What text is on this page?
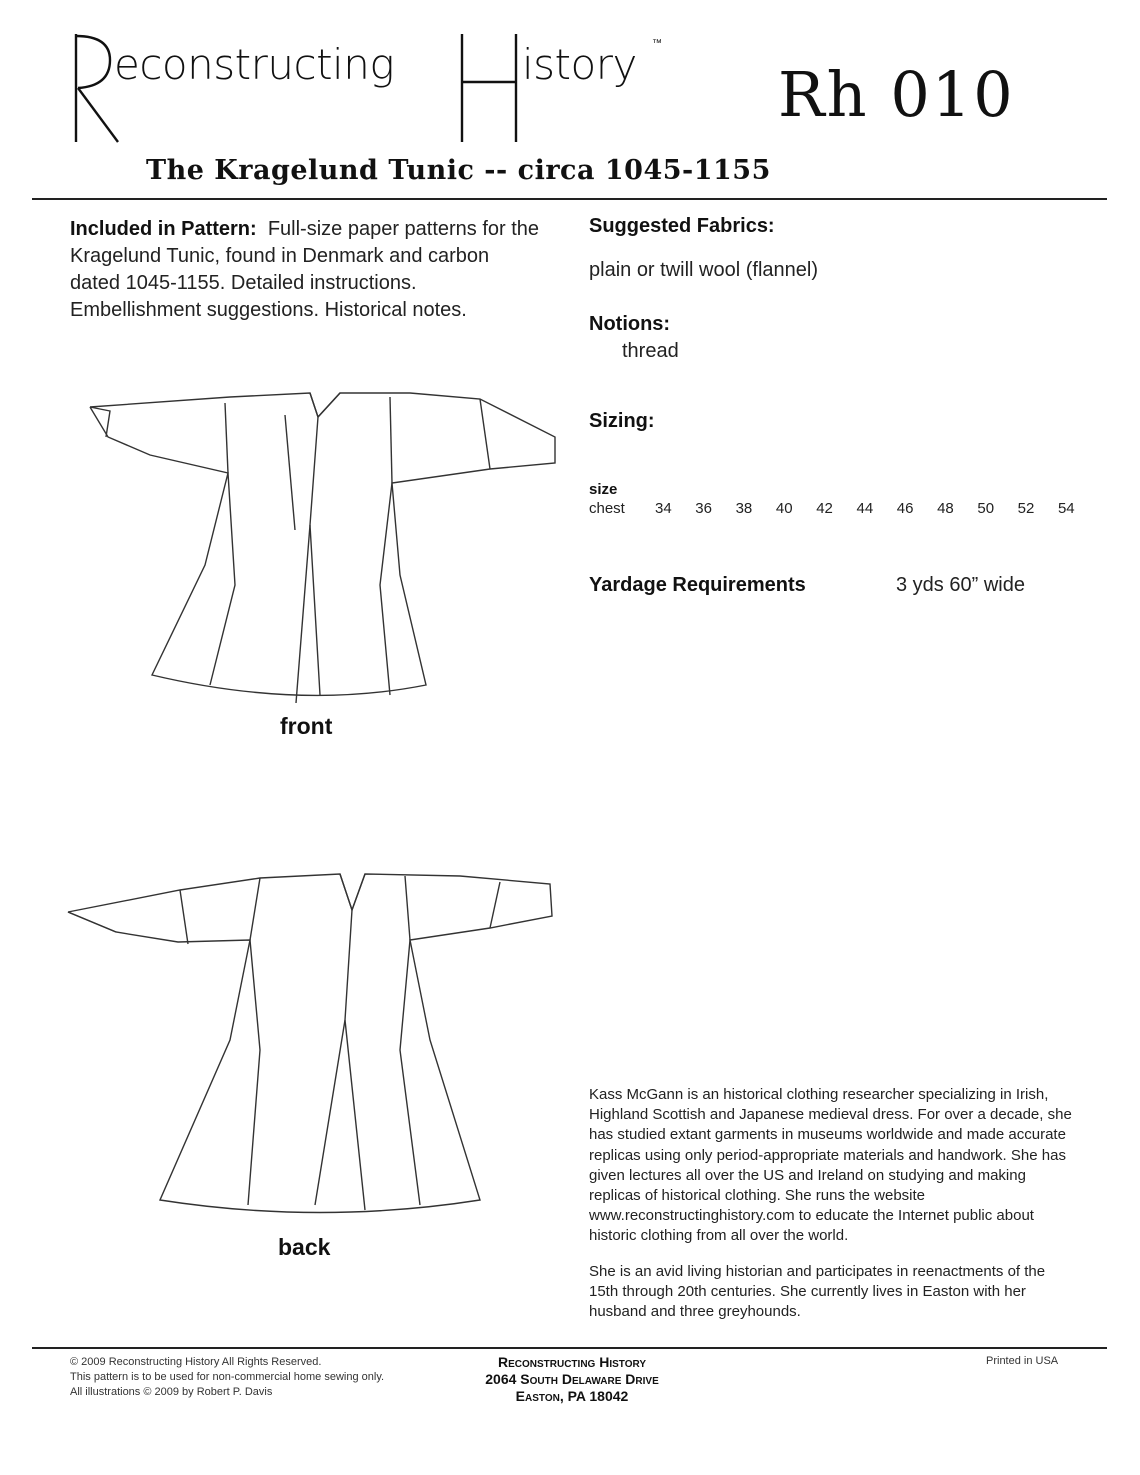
econstructing	istory ™
Rh 010
The Kragelund Tunic -- circa 1045-1155
Included in Pattern: Full-size paper patterns for the Kragelund Tunic, found in Denmark and carbon dated 1045-1155. Detailed instructions. Embellishment suggestions. Historical notes.
front
back
Suggested Fabrics:
plain or twill wool (flannel)
Notions:
thread
Sizing:
size
chest	34	36	38	40	42	44	46	48	50	52	54
Yardage Requirements	3 yds 60” wide

Kass McGann is an historical clothing researcher specializing in Irish, Highland Scottish and Japanese medieval dress. For over a decade, she has studied extant garments in museums worldwide and made accurate replicas using only period-appropriate materials and handwork. She has given lectures all over the US and Ireland on studying and making replicas of historical clothing. She runs the website www.reconstructinghistory.com to educate the Internet public about historic clothing from all over the world.

She is an avid living historian and participates in reenactments of the 15th through 20th centuries. She currently lives in Easton with her husband and three greyhounds.

© 2009 Reconstructing History All Rights Reserved.
This pattern is to be used for non-commercial home sewing only.
All illustrations © 2009 by Robert P. Davis
Reconstructing History
2064 South Delaware Drive
Easton, PA 18042
Printed in USA
